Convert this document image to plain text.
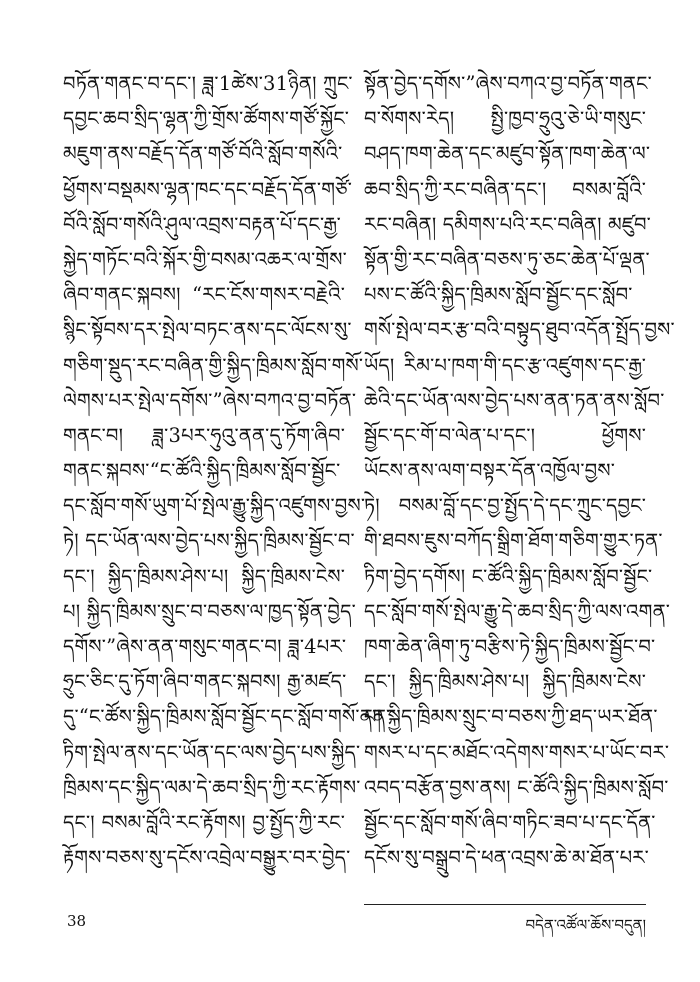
བཏོན་གནང་བ་དང་། ཟླ་1ཚེས་31ཉིན། ཀྲུང་
དབྱང་ཆབ་སྲིད་ལྷན་ཀྱི་གྲོས་ཚོགས་གཙོ་སྐྱོང་
མཇུག་ནས་བརྗོད་དོན་གཙོ་བོའི་སློབ་གསོའི་
ཕྱོགས་བསྡམས་ལྷན་ཁང་དང་བརྗོད་དོན་གཙོ་
བོའི་སློབ་གསོའི་ཤུལ་འབྲས་བརྟན་པོ་དང་རྒྱ་
སྐྱེད་གཏོང་བའི་སྐོར་གྱི་བསམ་འཆར་ལ་གྲོས་
ཞིབ་གནང་སྐབས། “རང་ངོས་གསར་བརྗེའི་
སྙིང་སྟོབས་དར་སྤེལ་བཏང་ནས་དང་ལོངས་སུ་
གཅིག་སྡུད་རང་བཞིན་གྱི་སྐྱིད་ཁྲིམས་སློབ་གསོ་
ལེགས་པར་སྤེལ་དགོས་”ཞེས་བཀའ་བྱ་བཏོན་
གནང་བ། ཟླ་3པར་ཧུའུ་ནན་དུ་ཏོག་ཞིབ་
གནང་སྐབས་“ང་ཚོའི་སྐྱིད་ཁྲིམས་སློབ་སྦྱོང་
དང་སློབ་གསོ་ཡུག་པོ་སྤེལ་རྒྱུ་སྐྱིད་འཛུགས་བྱས་
ཏེ། དང་ཡོན་ལས་བྱེད་པས་སྐྱིད་ཁྲིམས་སྦྱོང་བ་
དང་། སྐྱིད་ཁྲིམས་ཤེས་པ། སྐྱིད་ཁྲིམས་ངེས་
པ། སྐྱིད་ཁྲིམས་སྲུང་བ་བཅས་ལ་ཁྱད་སྟོན་བྱེད་
དགོས་”ཞེས་ནན་གསུང་གནང་བ། ཟླ་4པར་
ཧྲུང་ཅིང་དུ་ཏོག་ཞིབ་གནང་སྐབས། རྒྱ་མཛད་
དུ་“ང་ཚོས་སྐྱིད་ཁྲིམས་སློབ་སྦྱོང་དང་སློབ་གསོ་ནན་
ཏིག་སྤེལ་ནས་དང་ཡོན་དང་ལས་བྱེད་པས་སྐྱིད་
ཁྲིམས་དང་སྐྱིད་ལམ་དེ་ཆབ་སྲིད་ཀྱི་རང་རྟོགས་
དང་། བསམ་བློའི་རང་རྟོགས། བྱ་སྤྱོད་ཀྱི་རང་
རྟོགས་བཅས་སུ་དངོས་འབྲེལ་བསྒྱུར་བར་བྱེད་
སྟོན་བྱེད་དགོས་”ཞེས་བཀའ་བྱ་བཏོན་གནང་
བ་སོགས་རེད། སྤྱི་ཁྱབ་ཧྲུའུ་ཅེ་ཡི་གསུང་
བཤད་ཁག་ཆེན་དང་མཛུབ་སྟོན་ཁག་ཆེན་ལ་
ཆབ་སྲིད་ཀྱི་རང་བཞིན་དང་། བསམ་བློའི་
རང་བཞིན། དམིགས་པའི་རང་བཞིན། མཛུབ་
སྟོན་གྱི་རང་བཞིན་བཅས་ཏུ་ཅང་ཆེན་པོ་ལྡན་
པས་ང་ཚོའི་སྐྱིད་ཁྲིམས་སློབ་སྦྱོང་དང་སློབ་
གསོ་སྤེལ་བར་རྩ་བའི་བསྟུད་ཐུབ་འདོན་སྤྲོད་བྱས་
ཡོད། རིམ་པ་ཁག་གི་དང་རྩ་འཛུགས་དང་རྒྱ་
ཆེའི་དང་ཡོན་ལས་བྱེད་པས་ནན་ཏན་ནས་སློབ་
སྦྱོང་དང་གོ་བ་ལེན་པ་དང་། ཕྱོགས་
ཡོངས་ནས་ལག་བསྟར་དོན་འཁྱོལ་བྱས་
ཏེ། བསམ་བློ་དང་བྱ་སྤྱོད་དེ་དང་ཀྲུང་དབྱང་
གི་ཐབས་ཇུས་བཀོད་སྒྲིག་ཐོག་གཅིག་གྱུར་ཏན་
ཏིག་བྱེད་དགོས། ང་ཚོའི་སྐྱིད་ཁྲིམས་སློབ་སྦྱོང་
དང་སློབ་གསོ་སྤེལ་རྒྱུ་དེ་ཆབ་སྲིད་ཀྱི་ལས་འགན་
ཁག་ཆེན་ཞིག་ཏུ་བརྩིས་ཏེ་སྐྱིད་ཁྲིམས་སྦྱོང་བ་
དང་། སྐྱིད་ཁྲིམས་ཤེས་པ། སྐྱིད་ཁྲིམས་ངེས་
པ། སྐྱིད་ཁྲིམས་སྲུང་བ་བཅས་ཀྱི་ཐད་ཡར་ཐོན་
གསར་པ་དང་མཐོང་འདེགས་གསར་པ་ཡོང་བར་
འབད་བརྩོན་བྱས་ནས། ང་ཚོའི་སྐྱིད་ཁྲིམས་སློབ་
སྦྱོང་དང་སློབ་གསོ་ཞིབ་གཏིང་ཟབ་པ་དང་དོན་
དངོས་སུ་བསྒྲུབ་དེ་ཕན་འབྲས་ཆེ་མ་ཐོན་པར་
38	བདེན་འཚོལ་ཆོས་བདུན།
